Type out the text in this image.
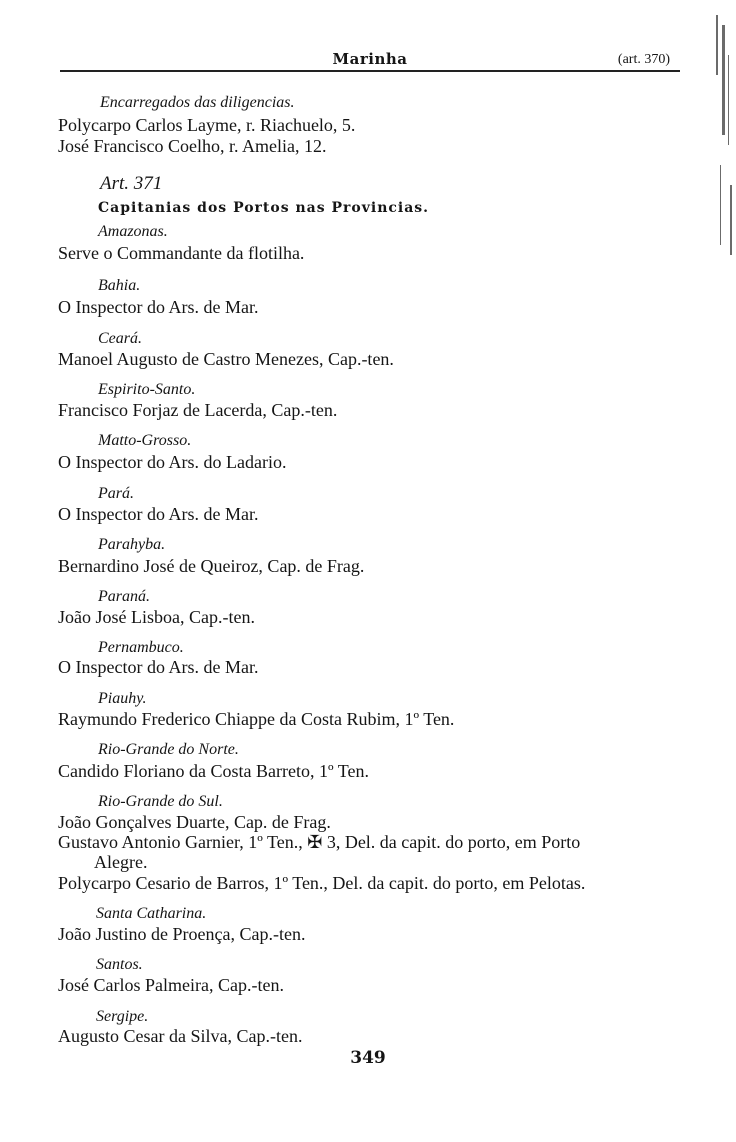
Marinha	(art. 370)
Encarregados das diligencias.
Polycarpo Carlos Layme, r. Riachuelo, 5.
José Francisco Coelho, r. Amelia, 12.
Art. 371
Capitanias dos Portos nas Provincias.
Amazonas.
Serve o Commandante da flotilha.
Bahia.
O Inspector do Ars. de Mar.
Ceará.
Manoel Augusto de Castro Menezes, Cap.-ten.
Espirito-Santo.
Francisco Forjaz de Lacerda, Cap.-ten.
Matto-Grosso.
O Inspector do Ars. do Ladario.
Pará.
O Inspector do Ars. de Mar.
Parahyba.
Bernardino José de Queiroz, Cap. de Frag.
Paraná.
João José Lisboa, Cap.-ten.
Pernambuco.
O Inspector do Ars. de Mar.
Piauhy.
Raymundo Frederico Chiappe da Costa Rubim, 1º Ten.
Rio-Grande do Norte.
Candido Floriano da Costa Barreto, 1º Ten.
Rio-Grande do Sul.
João Gonçalves Duarte, Cap. de Frag.
Gustavo Antonio Garnier, 1º Ten., ✠ 3, Del. da capit. do porto, em Porto
Alegre.
Polycarpo Cesario de Barros, 1º Ten., Del. da capit. do porto, em Pelotas.
Santa Catharina.
João Justino de Proença, Cap.-ten.
Santos.
José Carlos Palmeira, Cap.-ten.
Sergipe.
Augusto Cesar da Silva, Cap.-ten.
349
